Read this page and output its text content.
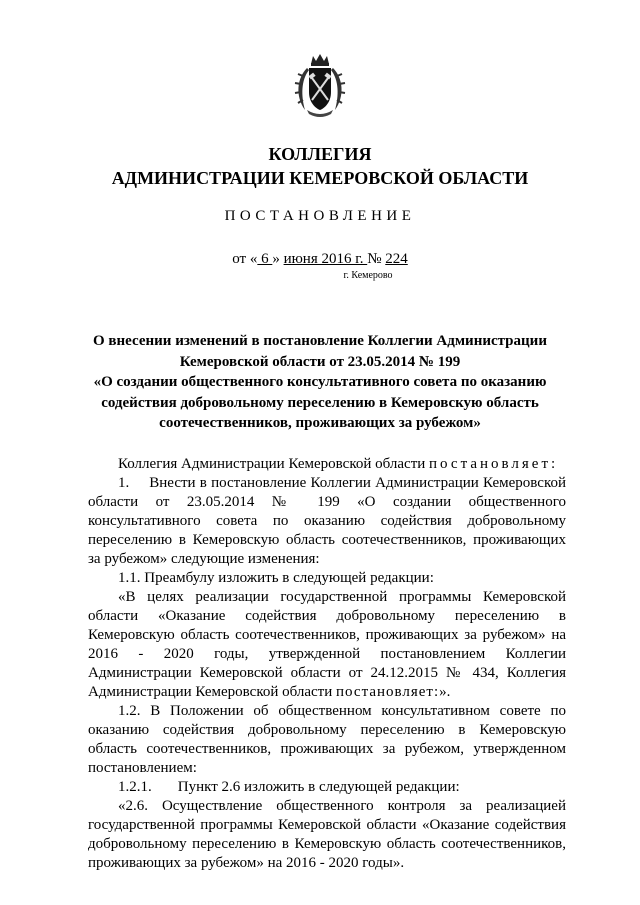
КОЛЛЕГИЯ
АДМИНИСТРАЦИИ КЕМЕРОВСКОЙ ОБЛАСТИ
ПОСТАНОВЛЕНИЕ
от « 6 » июня 2016 г. № 224
г. Кемерово
О внесении изменений в постановление Коллегии Администрации
Кемеровской области от 23.05.2014 № 199
«О создании общественного консультативного совета по оказанию
содействия добровольному переселению в Кемеровскую область
соотечественников, проживающих за рубежом»

Коллегия Администрации Кемеровской области постановляет:

1. Внести в постановление Коллегии Администрации Кемеровской области от 23.05.2014 № 199 «О создании общественного консультативного совета по оказанию содействия добровольному переселению в Кемеровскую область соотечественников, проживающих за рубежом» следующие изменения:

1.1. Преамбулу изложить в следующей редакции:

«В целях реализации государственной программы Кемеровской области «Оказание содействия добровольному переселению в Кемеровскую область соотечественников, проживающих за рубежом» на 2016 - 2020 годы, утвержденной постановлением Коллегии Администрации Кемеровской области от 24.12.2015 № 434, Коллегия Администрации Кемеровской области постановляет:».

1.2. В Положении об общественном консультативном совете по оказанию содействия добровольному переселению в Кемеровскую область соотечественников, проживающих за рубежом, утвержденном постановлением:

1.2.1. Пункт 2.6 изложить в следующей редакции:

«2.6. Осуществление общественного контроля за реализацией государственной программы Кемеровской области «Оказание содействия добровольному переселению в Кемеровскую область соотечественников, проживающих за рубежом» на 2016 - 2020 годы».
